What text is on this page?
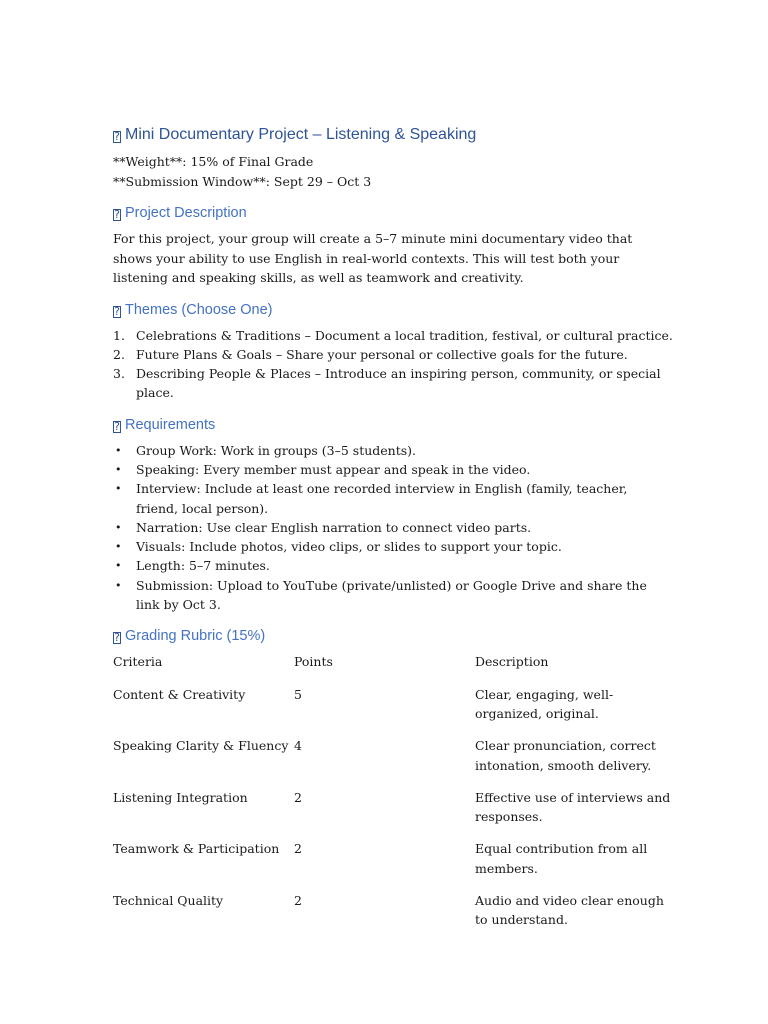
? Mini Documentary Project – Listening & Speaking

**Weight**: 15% of Final Grade

**Submission Window**: Sept 29 – Oct 3

? Project Description

For this project, your group will create a 5–7 minute mini documentary video that shows your ability to use English in real-world contexts. This will test both your listening and speaking skills, as well as teamwork and creativity.

? Themes (Choose One)
1. Celebrations & Traditions – Document a local tradition, festival, or cultural practice.
2. Future Plans & Goals – Share your personal or collective goals for the future.
3. Describing People & Places – Introduce an inspiring person, community, or special place.
? Requirements
• Group Work: Work in groups (3–5 students).
• Speaking: Every member must appear and speak in the video.
• Interview: Include at least one recorded interview in English (family, teacher, friend, local person).
• Narration: Use clear English narration to connect video parts.
• Visuals: Include photos, video clips, or slides to support your topic.
• Length: 5–7 minutes.
• Submission: Upload to YouTube (private/unlisted) or Google Drive and share the link by Oct 3.
? Grading Rubric (15%)
Criteria	Points	Description
Content & Creativity	5	Clear, engaging, well-organized, original.
Speaking Clarity & Fluency	4	Clear pronunciation, correct intonation, smooth delivery.
Listening Integration	2	Effective use of interviews and responses.
Teamwork & Participation	2	Equal contribution from all members.
Technical Quality	2	Audio and video clear enough to understand.
